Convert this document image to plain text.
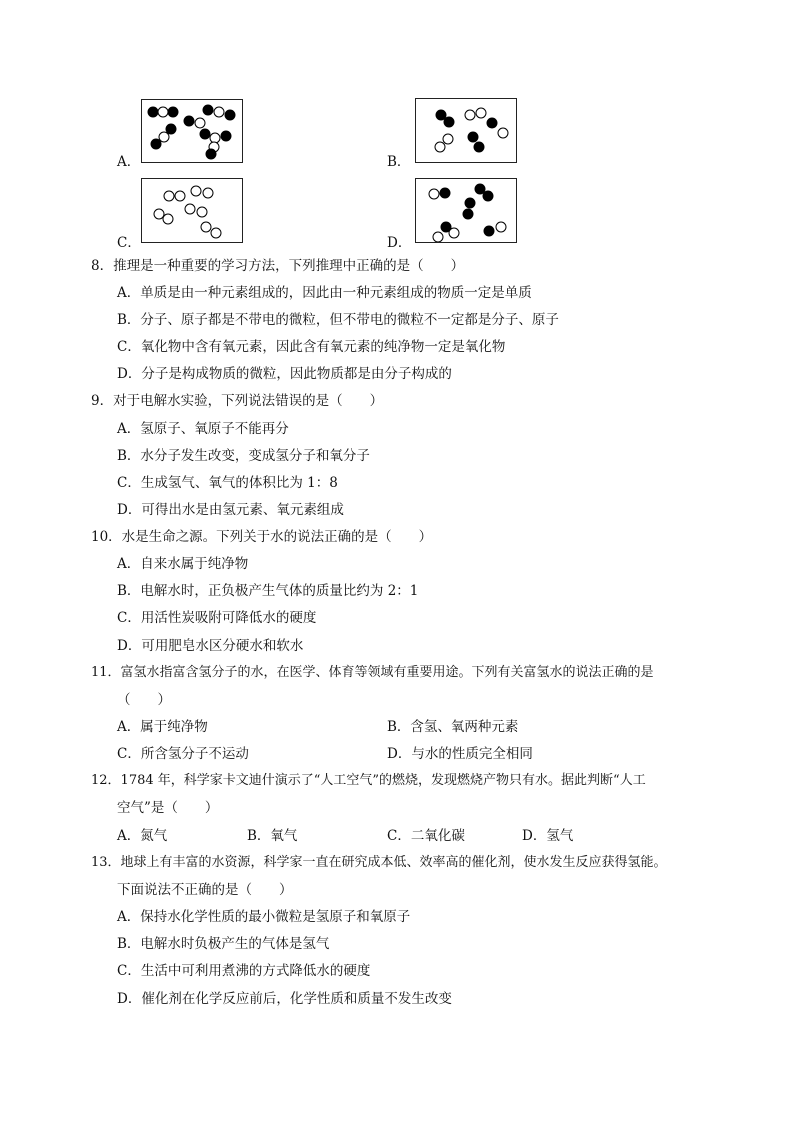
A．	B．
C．	D．
8．推理是一种重要的学习方法，下列推理中正确的是（　　）
A．单质是由一种元素组成的，因此由一种元素组成的物质一定是单质
B．分子、原子都是不带电的微粒，但不带电的微粒不一定都是分子、原子
C．氧化物中含有氧元素，因此含有氧元素的纯净物一定是氧化物
D．分子是构成物质的微粒，因此物质都是由分子构成的
9．对于电解水实验，下列说法错误的是（　　）
A．氢原子、氧原子不能再分
B．水分子发生改变，变成氢分子和氧分子
C．生成氢气、氧气的体积比为 1：8
D．可得出水是由氢元素、氧元素组成
10．水是生命之源。下列关于水的说法正确的是（　　）
A．自来水属于纯净物
B．电解水时，正负极产生气体的质量比约为 2：1
C．用活性炭吸附可降低水的硬度
D．可用肥皂水区分硬水和软水
11．富氢水指富含氢分子的水，在医学、体育等领域有重要用途。下列有关富氢水的说法正确的是
（　　）
A．属于纯净物	B．含氢、氧两种元素
C．所含氢分子不运动	D．与水的性质完全相同
12．1784 年，科学家卡文迪什演示了“人工空气”的燃烧，发现燃烧产物只有水。据此判断“人工
空气”是（　　）
A．氮气	B．氧气	C．二氧化碳	D．氢气
13．地球上有丰富的水资源，科学家一直在研究成本低、效率高的催化剂，使水发生反应获得氢能。
下面说法不正确的是（　　）
A．保持水化学性质的最小微粒是氢原子和氧原子
B．电解水时负极产生的气体是氢气
C．生活中可利用煮沸的方式降低水的硬度
D．催化剂在化学反应前后，化学性质和质量不发生改变
